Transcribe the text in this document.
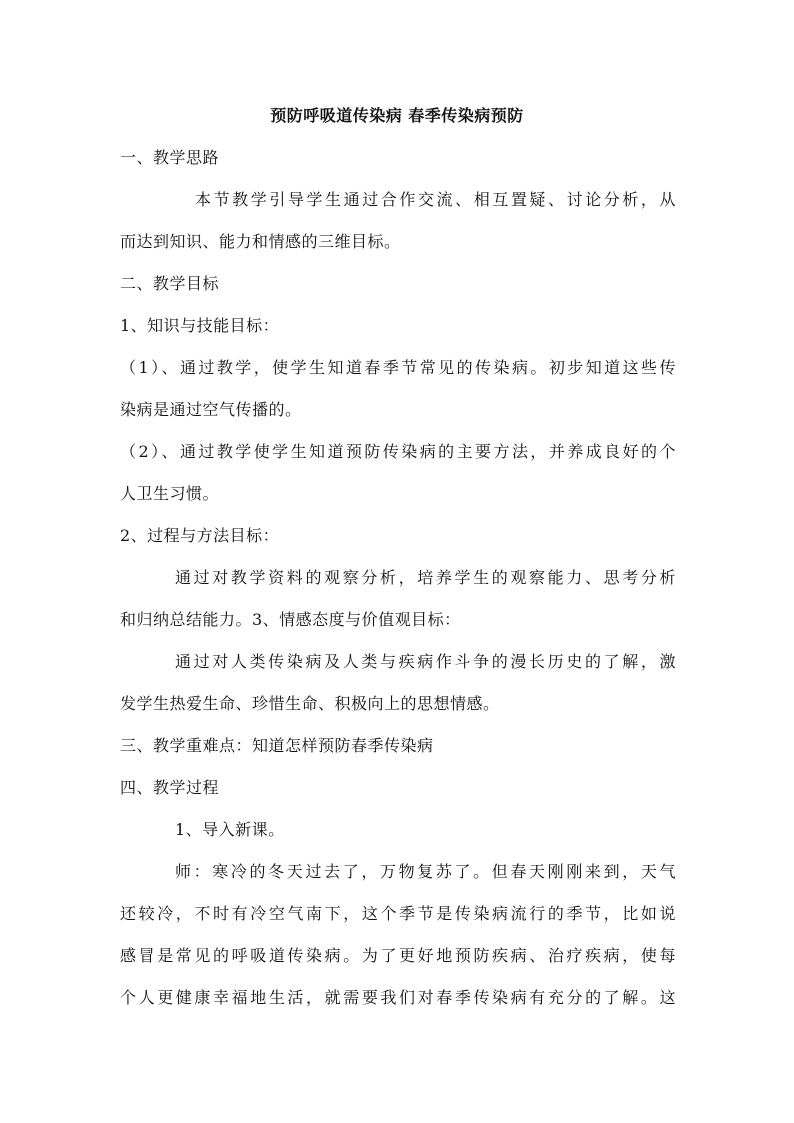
预防呼吸道传染病 春季传染病预防
一、教学思路
本节教学引导学生通过合作交流、相互置疑、讨论分析，从
而达到知识、能力和情感的三维目标。
二、教学目标
1、知识与技能目标：
（1）、通过教学，使学生知道春季节常见的传染病。初步知道这些传
染病是通过空气传播的。
（2）、通过教学使学生知道预防传染病的主要方法，并养成良好的个
人卫生习惯。
2、过程与方法目标：
通过对教学资料的观察分析，培养学生的观察能力、思考分析
和归纳总结能力。3、情感态度与价值观目标：
通过对人类传染病及人类与疾病作斗争的漫长历史的了解，激
发学生热爱生命、珍惜生命、积极向上的思想情感。
三、教学重难点：知道怎样预防春季传染病
四、教学过程
1、导入新课。
师：寒冷的冬天过去了，万物复苏了。但春天刚刚来到，天气
还较冷，不时有冷空气南下，这个季节是传染病流行的季节，比如说
感冒是常见的呼吸道传染病。为了更好地预防疾病、治疗疾病，使每
个人更健康幸福地生活，就需要我们对春季传染病有充分的了解。这
